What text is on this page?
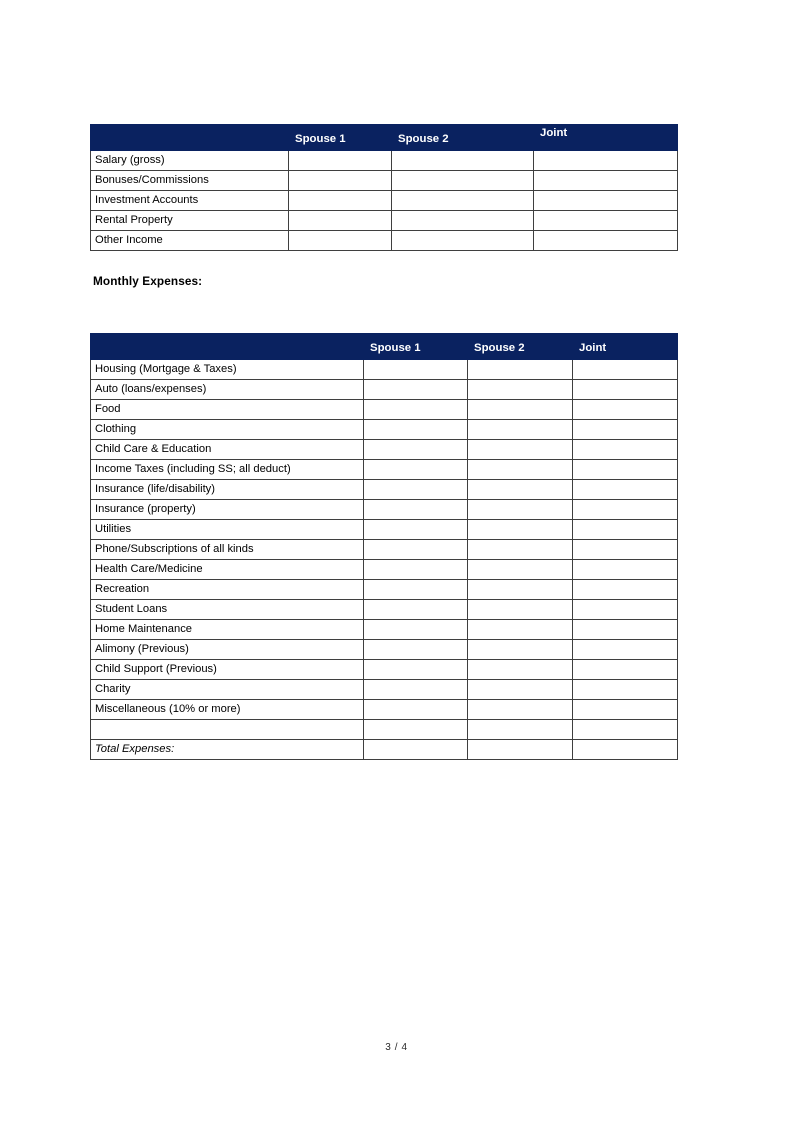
	Spouse 1	Spouse 2	Joint
Salary (gross)			
Bonuses/Commissions			
Investment Accounts			
Rental Property			
Other Income			
Monthly Expenses:
	Spouse 1	Spouse 2	Joint
Housing (Mortgage & Taxes)			
Auto (loans/expenses)			
Food			
Clothing			
Child Care & Education			
Income Taxes (including SS; all deduct)			
Insurance (life/disability)			
Insurance (property)			
Utilities			
Phone/Subscriptions of all kinds			
Health Care/Medicine			
Recreation			
Student Loans			
Home Maintenance			
Alimony (Previous)			
Child Support (Previous)			
Charity			
Miscellaneous (10% or more)			

Total Expenses:			
3 / 4
